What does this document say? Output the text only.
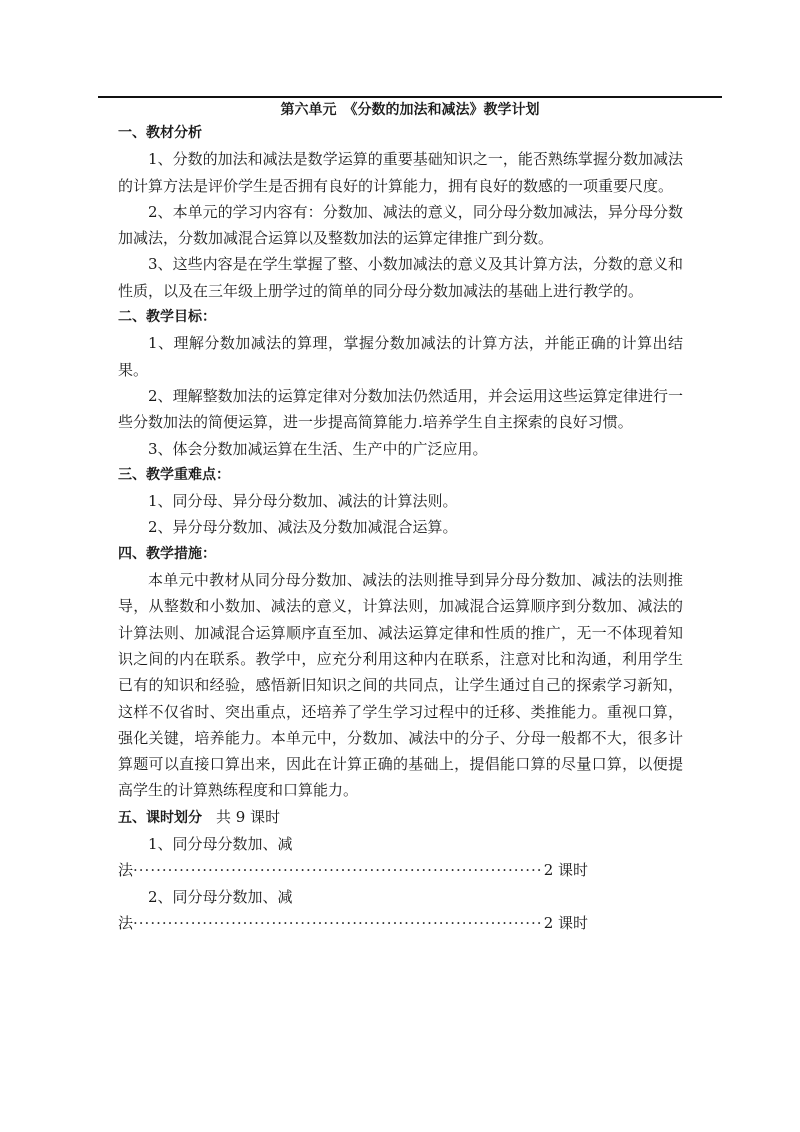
第六单元　《分数的加法和减法》教学计划
一、教材分析

1、分数的加法和减法是数学运算的重要基础知识之一，能否熟练掌握分数加减法的计算方法是评价学生是否拥有良好的计算能力，拥有良好的数感的一项重要尺度。

2、本单元的学习内容有：分数加、减法的意义，同分母分数加减法，异分母分数加减法，分数加减混合运算以及整数加法的运算定律推广到分数。

3、这些内容是在学生掌握了整、小数加减法的意义及其计算方法，分数的意义和性质，以及在三年级上册学过的简单的同分母分数加减法的基础上进行教学的。

二、教学目标：

1、理解分数加减法的算理，掌握分数加减法的计算方法，并能正确的计算出结果。

2、理解整数加法的运算定律对分数加法仍然适用，并会运用这些运算定律进行一些分数加法的简便运算，进一步提高简算能力.培养学生自主探索的良好习惯。

3、体会分数加减运算在生活、生产中的广泛应用。

三、教学重难点：

1、同分母、异分母分数加、减法的计算法则。

2、异分母分数加、减法及分数加减混合运算。

四、教学措施：

本单元中教材从同分母分数加、减法的法则推导到异分母分数加、减法的法则推导，从整数和小数加、减法的意义，计算法则，加减混合运算顺序到分数加、减法的计算法则、加减混合运算顺序直至加、减法运算定律和性质的推广，无一不体现着知识之间的内在联系。教学中，应充分利用这种内在联系，注意对比和沟通，利用学生已有的知识和经验，感悟新旧知识之间的共同点，让学生通过自己的探索学习新知，这样不仅省时、突出重点，还培养了学生学习过程中的迁移、类推能力。重视口算，强化关键，培养能力。本单元中，分数加、减法中的分子、分母一般都不大，很多计算题可以直接口算出来，因此在计算正确的基础上，提倡能口算的尽量口算，以便提高学生的计算熟练程度和口算能力。

五、课时划分 共 9 课时
1、同分母分数加、减
法 ·····	2 课时
2、同分母分数加、减
法 ·····	2 课时
